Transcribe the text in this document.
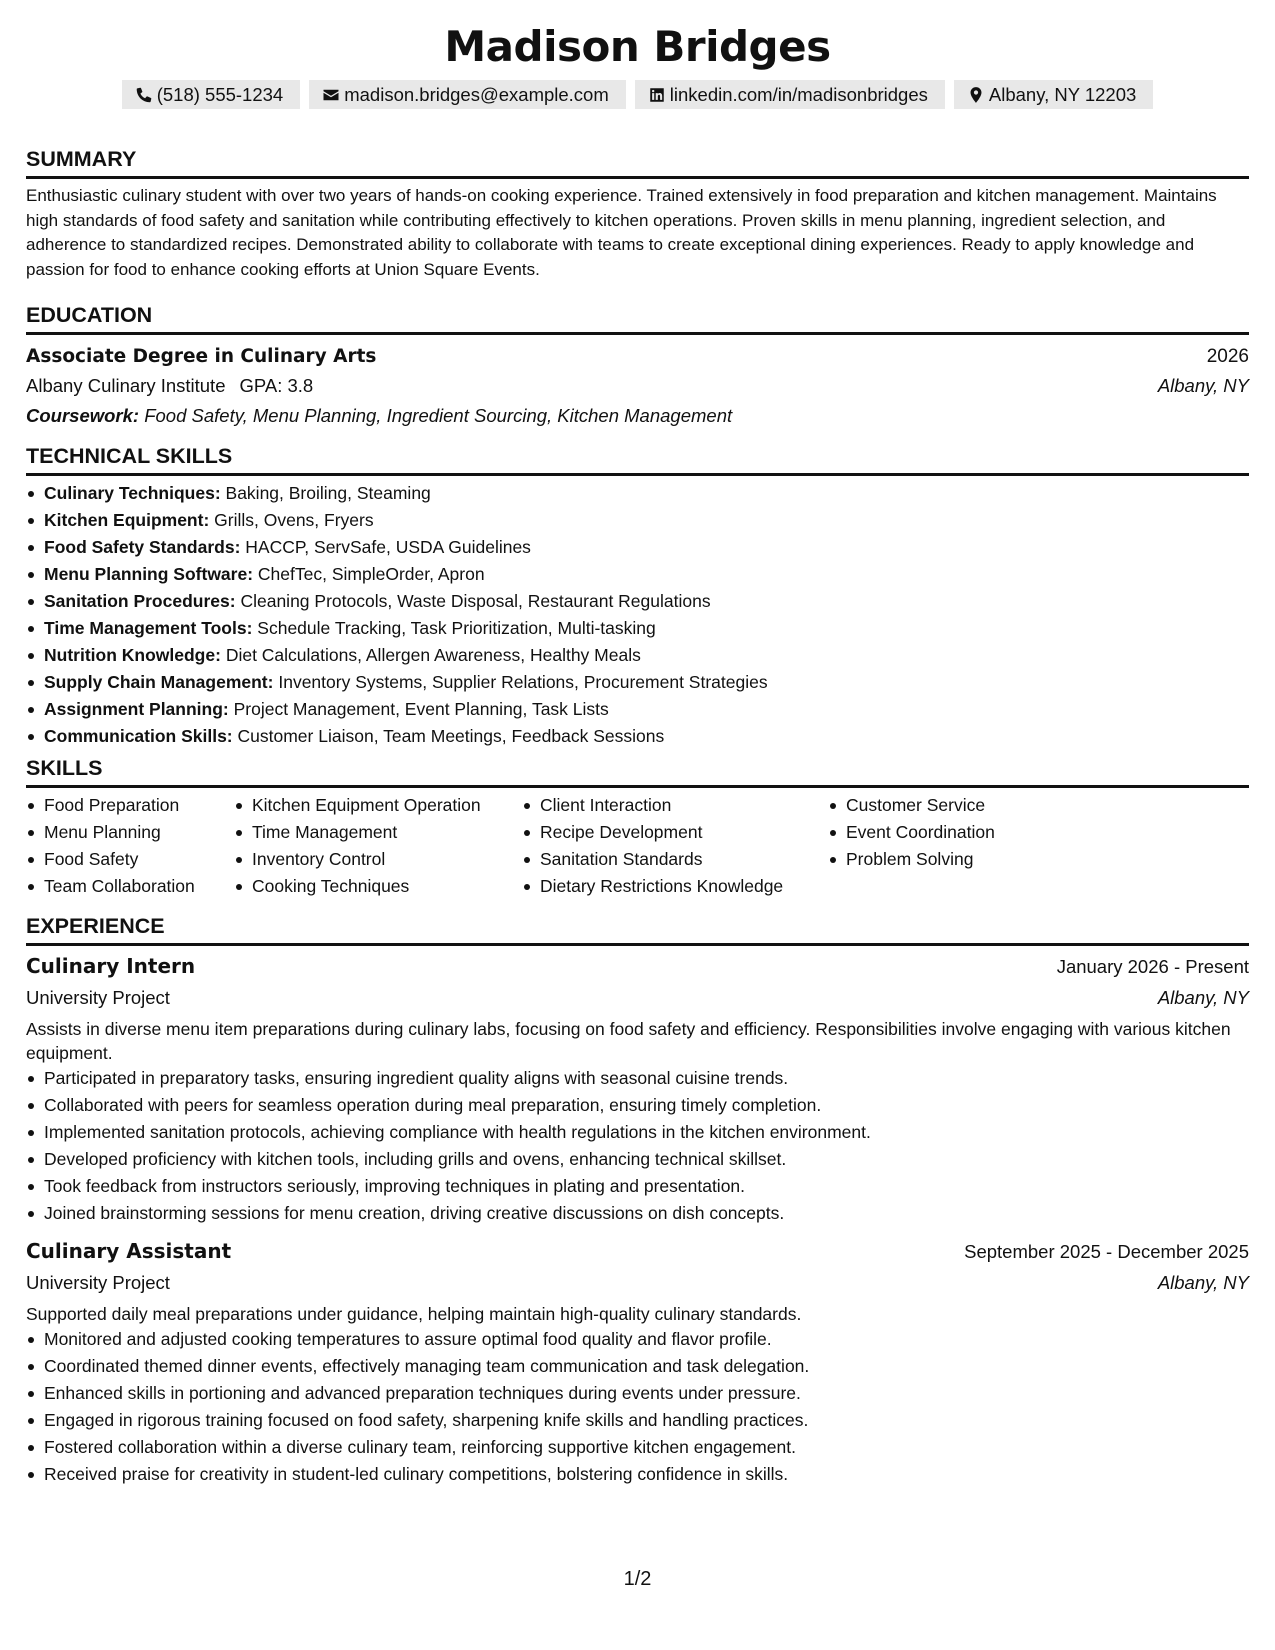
Madison Bridges
(518) 555-1234	madison.bridges@example.com	linkedin.com/in/madisonbridges	Albany, NY 12203
SUMMARY
Enthusiastic culinary student with over two years of hands-on cooking experience. Trained extensively in food preparation and kitchen management. Maintains high standards of food safety and sanitation while contributing effectively to kitchen operations. Proven skills in menu planning, ingredient selection, and adherence to standardized recipes. Demonstrated ability to collaborate with teams to create exceptional dining experiences. Ready to apply knowledge and passion for food to enhance cooking efforts at Union Square Events.
EDUCATION
Associate Degree in Culinary Arts	2026
Albany Culinary Institute GPA: 3.8	Albany, NY
Coursework: Food Safety, Menu Planning, Ingredient Sourcing, Kitchen Management
TECHNICAL SKILLS
Culinary Techniques: Baking, Broiling, Steaming
Kitchen Equipment: Grills, Ovens, Fryers
Food Safety Standards: HACCP, ServSafe, USDA Guidelines
Menu Planning Software: ChefTec, SimpleOrder, Apron
Sanitation Procedures: Cleaning Protocols, Waste Disposal, Restaurant Regulations
Time Management Tools: Schedule Tracking, Task Prioritization, Multi-tasking
Nutrition Knowledge: Diet Calculations, Allergen Awareness, Healthy Meals
Supply Chain Management: Inventory Systems, Supplier Relations, Procurement Strategies
Assignment Planning: Project Management, Event Planning, Task Lists
Communication Skills: Customer Liaison, Team Meetings, Feedback Sessions
SKILLS
Food Preparation
Menu Planning
Food Safety
Team Collaboration
Kitchen Equipment Operation
Time Management
Inventory Control
Cooking Techniques
Client Interaction
Recipe Development
Sanitation Standards
Dietary Restrictions Knowledge
Customer Service
Event Coordination
Problem Solving
EXPERIENCE
Culinary Intern	January 2026 - Present
University Project	Albany, NY
Assists in diverse menu item preparations during culinary labs, focusing on food safety and efficiency. Responsibilities involve engaging with various kitchen equipment.
Participated in preparatory tasks, ensuring ingredient quality aligns with seasonal cuisine trends.
Collaborated with peers for seamless operation during meal preparation, ensuring timely completion.
Implemented sanitation protocols, achieving compliance with health regulations in the kitchen environment.
Developed proficiency with kitchen tools, including grills and ovens, enhancing technical skillset.
Took feedback from instructors seriously, improving techniques in plating and presentation.
Joined brainstorming sessions for menu creation, driving creative discussions on dish concepts.
Culinary Assistant	September 2025 - December 2025
University Project	Albany, NY
Supported daily meal preparations under guidance, helping maintain high-quality culinary standards.
Monitored and adjusted cooking temperatures to assure optimal food quality and flavor profile.
Coordinated themed dinner events, effectively managing team communication and task delegation.
Enhanced skills in portioning and advanced preparation techniques during events under pressure.
Engaged in rigorous training focused on food safety, sharpening knife skills and handling practices.
Fostered collaboration within a diverse culinary team, reinforcing supportive kitchen engagement.
Received praise for creativity in student-led culinary competitions, bolstering confidence in skills.
1/2
